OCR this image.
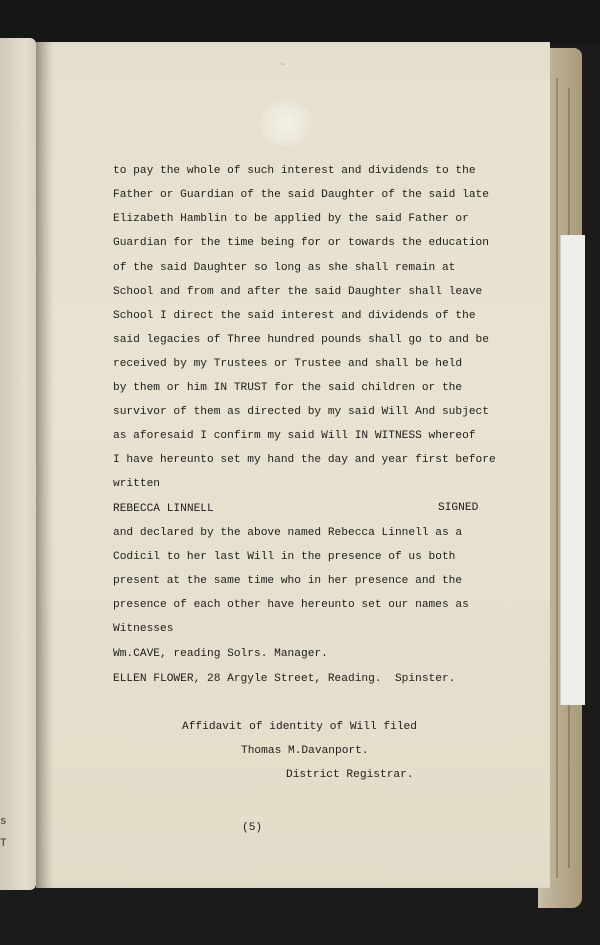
s
T
~
to pay the whole of such interest and dividends to the
Father or Guardian of the said Daughter of the said late
Elizabeth Hamblin to be applied by the said Father or
Guardian for the time being for or towards the education
of the said Daughter so long as she shall remain at
School and from and after the said Daughter shall leave
School I direct the said interest and dividends of the
said legacies of Three hundred pounds shall go to and be
received by my Trustees or Trustee and shall be held
by them or him IN TRUST for the said children or the
survivor of them as directed by my said Will And subject
as aforesaid I confirm my said Will IN WITNESS whereof
I have hereunto set my hand the day and year first before
written
REBECCA LINNELL	SIGNED
and declared by the above named Rebecca Linnell as a
Codicil to her last Will in the presence of us both
present at the same time who in her presence and the
presence of each other have hereunto set our names as
Witnesses
Wm.CAVE, reading Solrs. Manager.
ELLEN FLOWER, 28 Argyle Street, Reading.  Spinster.
Affidavit of identity of Will filed
Thomas M.Davanport.
District Registrar.
(5)
